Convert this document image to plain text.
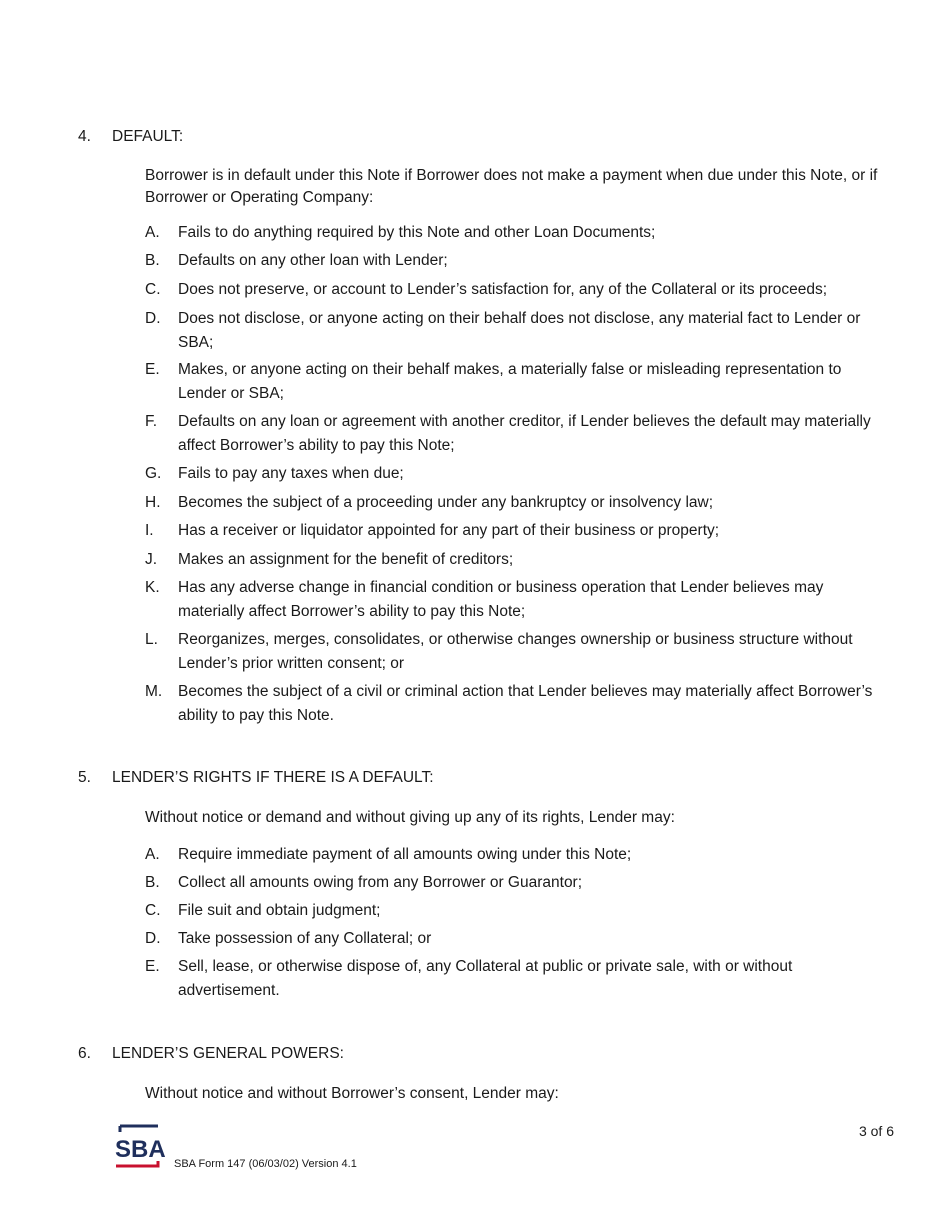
4. DEFAULT:
Borrower is in default under this Note if Borrower does not make a payment when due under this Note, or if Borrower or Operating Company:
A. Fails to do anything required by this Note and other Loan Documents;
B. Defaults on any other loan with Lender;
C. Does not preserve, or account to Lender’s satisfaction for, any of the Collateral or its proceeds;
D. Does not disclose, or anyone acting on their behalf does not disclose, any material fact to Lender or SBA;
E. Makes, or anyone acting on their behalf makes, a materially false or misleading representation to Lender or SBA;
F. Defaults on any loan or agreement with another creditor, if Lender believes the default may materially affect Borrower’s ability to pay this Note;
G. Fails to pay any taxes when due;
H. Becomes the subject of a proceeding under any bankruptcy or insolvency law;
I. Has a receiver or liquidator appointed for any part of their business or property;
J. Makes an assignment for the benefit of creditors;
K. Has any adverse change in financial condition or business operation that Lender believes may materially affect Borrower’s ability to pay this Note;
L. Reorganizes, merges, consolidates, or otherwise changes ownership or business structure without Lender’s prior written consent; or
M. Becomes the subject of a civil or criminal action that Lender believes may materially affect Borrower’s ability to pay this Note.
5. LENDER’S RIGHTS IF THERE IS A DEFAULT:
Without notice or demand and without giving up any of its rights, Lender may:
A. Require immediate payment of all amounts owing under this Note;
B. Collect all amounts owing from any Borrower or Guarantor;
C. File suit and obtain judgment;
D. Take possession of any Collateral; or
E. Sell, lease, or otherwise dispose of, any Collateral at public or private sale, with or without advertisement.
6. LENDER’S GENERAL POWERS:
Without notice and without Borrower’s consent, Lender may:
SBA
3 of 6
SBA Form 147 (06/03/02) Version 4.1
